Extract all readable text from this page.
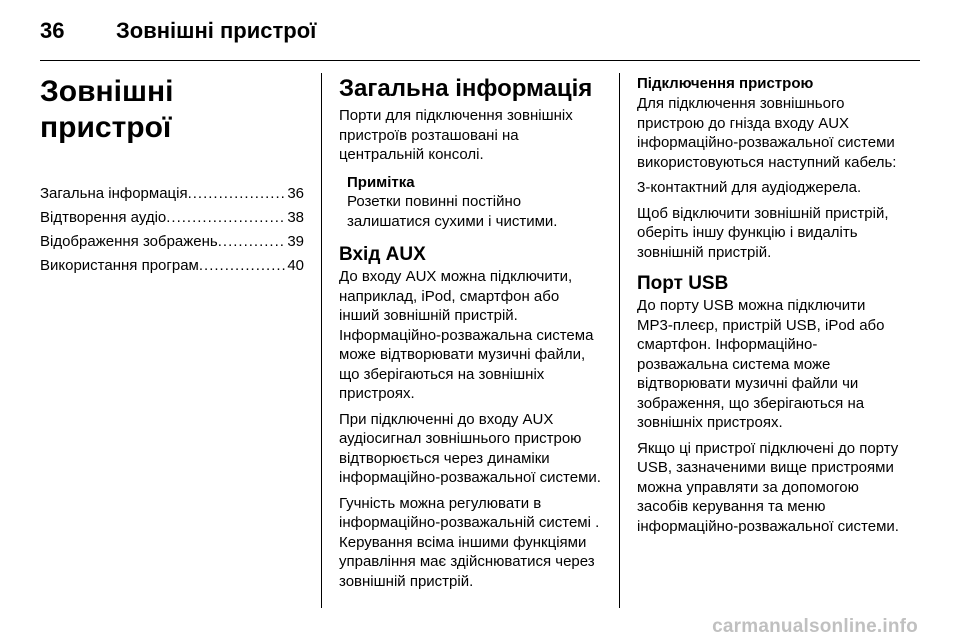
36 Зовнішні пристрої
Зовнішні пристрої
Загальна інформація .....	36
Відтворення аудіо .....	38
Відображення зображень .....	39
Використання програм .....	40
Загальна інформація

Порти для підключення зовнішніх пристроїв розташовані на центральній консолі.

Примітка

Розетки повинні постійно залишатися сухими і чистими.

Вхід AUX

До входу AUX можна підключити, наприклад, iPod, смартфон або інший зовнішній пристрій. Інформаційно-розважальна система може відтворювати музичні файли, що зберігаються на зовнішніх пристроях.

При підключенні до входу AUX аудіосигнал зовнішнього пристрою відтворюється через динаміки інформаційно-розважальної системи.

Гучність можна регулювати в інформаційно-розважальній системі . Керування всіма іншими функціями управління має здійснюватися через зовнішній пристрій.

Підключення пристрою

Для підключення зовнішнього пристрою до гнізда входу AUX інформаційно-розважальної системи використовуються наступний кабель:

3-контактний для аудіоджерела.

Щоб відключити зовнішній пристрій, оберіть іншу функцію і видаліть зовнішній пристрій.

Порт USB

До порту USB можна підключити MP3-плеєр, пристрій USB, iPod або смартфон. Інформаційно-розважальна система може відтворювати музичні файли чи зображення, що зберігаються на зовнішніх пристроях.

Якщо ці пристрої підключені до порту USB, зазначеними вище пристроями можна управляти за допомогою засобів керування та меню інформаційно-розважальної системи.

carmanualsonline.info
